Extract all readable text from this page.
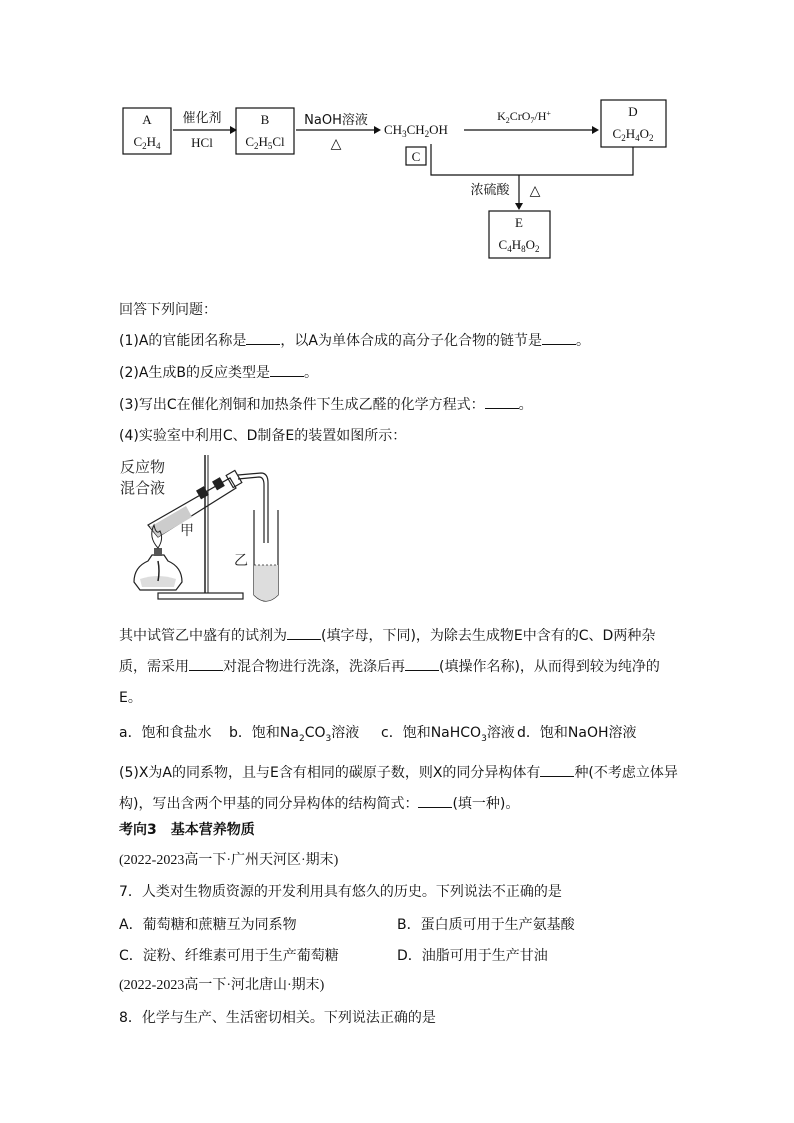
A
$C_2H_4$
催化剂
HCl
B
$C_2H_5Cl$
NaOH溶液
△
$CH_3CH_2OH$
C
$K_2CrO_7/H^+$	D
$C_2H_4O_2$
浓硫酸 △
E
$C_4H_8O_2$
回答下列问题：
(1)A的官能团名称是 ，以A为单体合成的高分子化合物的链节是 。
(2)A生成B的反应类型是 。
(3)写出C在催化剂铜和加热条件下生成乙醛的化学方程式： 。
(4)实验室中利用C、D制备E的装置如图所示：
反应物
混合液
甲
乙
其中试管乙中盛有的试剂为 (填字母，下同)，为除去生成物E中含有的C、D两种杂质，需采用 对混合物进行洗涤，洗涤后再 (填操作名称)，从而得到较为纯净的E。
a．饱和食盐水 b．饱和$Na_2CO_3$溶液 c．饱和NaHCO$_3$溶液 d．饱和NaOH溶液
(5)X为A的同系物，且与E含有相同的碳原子数，则X的同分异构体有 种(不考虑立体异构)，写出含两个甲基的同分异构体的结构简式： (填一种)。
考向3　基本营养物质
(2022-2023高一下·广州天河区·期末)
7．人类对生物质资源的开发利用具有悠久的历史。下列说法不正确的是
A．葡萄糖和蔗糖互为同系物	B．蛋白质可用于生产氨基酸
C．淀粉、纤维素可用于生产葡萄糖	D．油脂可用于生产甘油
(2022-2023高一下·河北唐山·期末)
8．化学与生产、生活密切相关。下列说法正确的是
